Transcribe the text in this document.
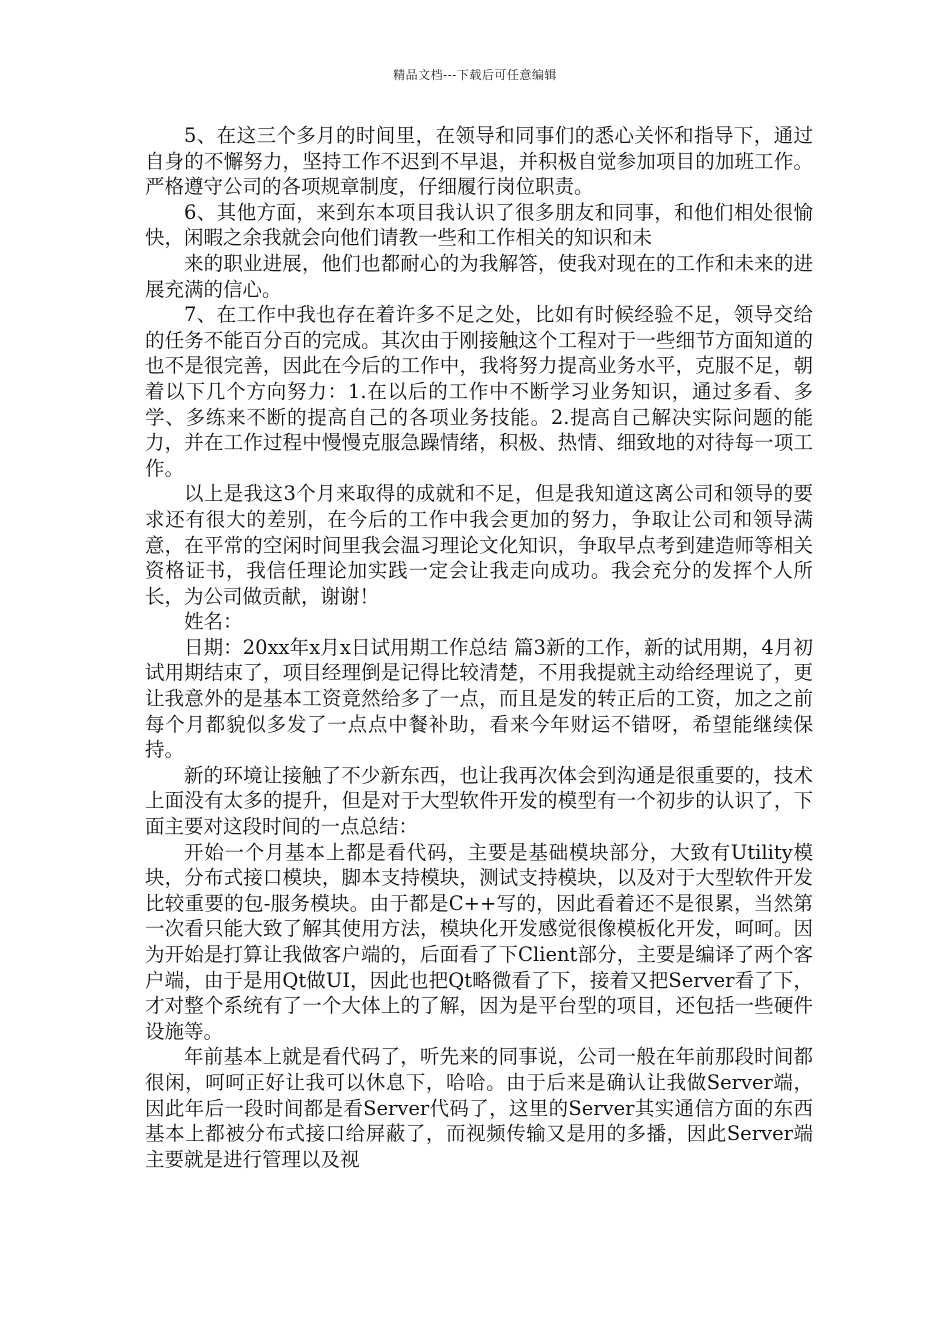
精品文档---下载后可任意编辑

5、在这三个多月的时间里，在领导和同事们的悉心关怀和指导下，通过自身的不懈努力，坚持工作不迟到不早退，并积极自觉参加项目的加班工作。严格遵守公司的各项规章制度，仔细履行岗位职责。

6、其他方面，来到东本项目我认识了很多朋友和同事，和他们相处很愉快，闲暇之余我就会向他们请教一些和工作相关的知识和未

来的职业进展，他们也都耐心的为我解答，使我对现在的工作和未来的进展充满的信心。

7、在工作中我也存在着许多不足之处，比如有时候经验不足，领导交给的任务不能百分百的完成。其次由于刚接触这个工程对于一些细节方面知道的也不是很完善，因此在今后的工作中，我将努力提高业务水平，克服不足，朝着以下几个方向努力：1.在以后的工作中不断学习业务知识，通过多看、多学、多练来不断的提高自己的各项业务技能。2.提高自己解决实际问题的能力，并在工作过程中慢慢克服急躁情绪，积极、热情、细致地的对待每一项工作。

以上是我这3个月来取得的成就和不足，但是我知道这离公司和领导的要求还有很大的差别，在今后的工作中我会更加的努力，争取让公司和领导满意，在平常的空闲时间里我会温习理论文化知识，争取早点考到建造师等相关资格证书，我信任理论加实践一定会让我走向成功。我会充分的发挥个人所长，为公司做贡献，谢谢！

姓名：

日期：20xx年x月x日试用期工作总结 篇3新的工作，新的试用期，4月初试用期结束了，项目经理倒是记得比较清楚，不用我提就主动给经理说了，更让我意外的是基本工资竟然给多了一点，而且是发的转正后的工资，加之之前每个月都貌似多发了一点点中餐补助，看来今年财运不错呀，希望能继续保持。

新的环境让接触了不少新东西，也让我再次体会到沟通是很重要的，技术上面没有太多的提升，但是对于大型软件开发的模型有一个初步的认识了，下面主要对这段时间的一点总结：

开始一个月基本上都是看代码，主要是基础模块部分，大致有Utility模块，分布式接口模块，脚本支持模块，测试支持模块，以及对于大型软件开发比较重要的包-服务模块。由于都是C++写的，因此看着还不是很累，当然第一次看只能大致了解其使用方法，模块化开发感觉很像模板化开发，呵呵。因为开始是打算让我做客户端的，后面看了下Client部分，主要是编译了两个客户端，由于是用Qt做UI，因此也把Qt略微看了下，接着又把Server看了下，才对整个系统有了一个大体上的了解，因为是平台型的项目，还包括一些硬件设施等。

年前基本上就是看代码了，听先来的同事说，公司一般在年前那段时间都很闲，呵呵正好让我可以休息下，哈哈。由于后来是确认让我做Server端，因此年后一段时间都是看Server代码了，这里的Server其实通信方面的东西基本上都被分布式接口给屏蔽了，而视频传输又是用的多播，因此Server端主要就是进行管理以及视
